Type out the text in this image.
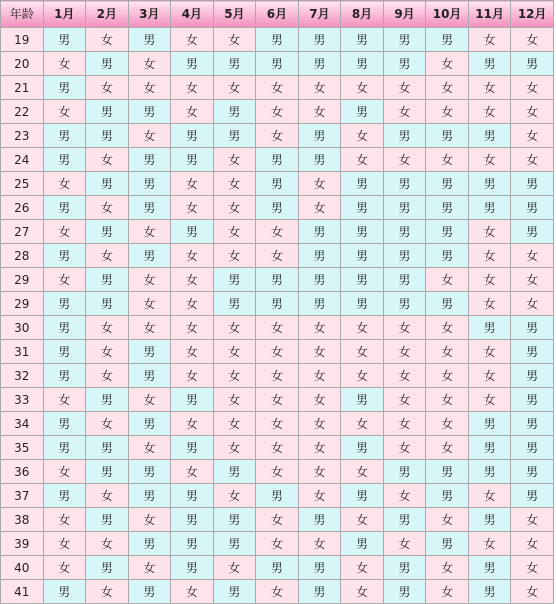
年龄	1月	2月	3月	4月	5月	6月	7月	8月	9月	10月	11月	12月
19	男	女	男	女	女	男	男	男	男	男	女	女
20	女	男	女	男	男	男	男	男	男	女	男	男
21	男	女	女	女	女	女	女	女	女	女	女	女
22	女	男	男	女	男	女	女	男	女	女	女	女
23	男	男	女	男	男	女	男	女	男	男	男	女
24	男	女	男	男	女	男	男	女	女	女	女	女
25	女	男	男	女	女	男	女	男	男	男	男	男
26	男	女	男	女	女	男	女	男	男	男	男	男
27	女	男	女	男	女	女	男	男	男	男	女	男
28	男	女	男	女	女	女	男	男	男	男	女	女
29	女	男	女	女	男	男	男	男	男	女	女	女
29	男	男	女	女	男	男	男	男	男	男	女	女
30	男	女	女	女	女	女	女	女	女	女	男	男
31	男	女	男	女	女	女	女	女	女	女	女	男
32	男	女	男	女	女	女	女	女	女	女	女	男
33	女	男	女	男	女	女	女	男	女	女	女	男
34	男	女	男	女	女	女	女	女	女	女	男	男
35	男	男	女	男	女	女	女	男	女	女	男	男
36	女	男	男	女	男	女	女	女	男	男	男	男
37	男	女	男	男	女	男	女	男	女	男	女	男
38	女	男	女	男	男	女	男	女	男	女	男	女
39	女	女	男	男	男	女	女	男	女	男	女	女
40	女	男	女	男	女	男	男	女	男	女	男	女
41	男	女	男	女	男	女	男	女	男	女	男	女
